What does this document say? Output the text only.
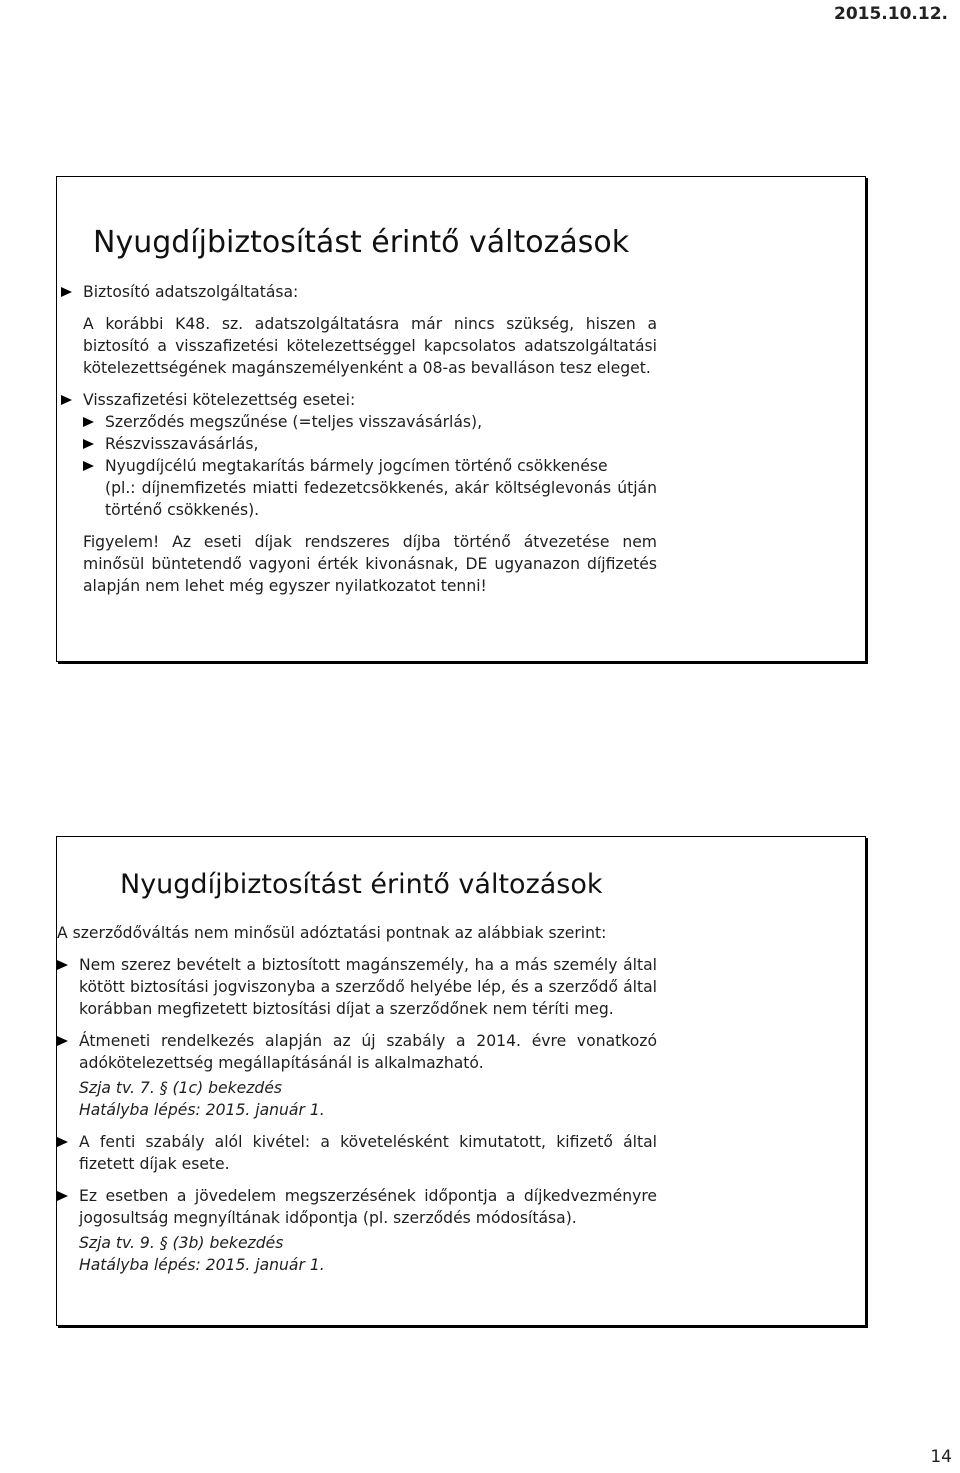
2015.10.12.
Nyugdíjbiztosítást érintő változások
Biztosító adatszolgáltatása:
A korábbi K48. sz. adatszolgáltatásra már nincs szükség, hiszen a biztosító a visszafizetési kötelezettséggel kapcsolatos adatszolgáltatási kötelezettségének magánszemélyenként a 08-as bevalláson tesz eleget.
Visszafizetési kötelezettség esetei:
Szerződés megszűnése (=teljes visszavásárlás),
Részvisszavásárlás,
Nyugdíjcélú megtakarítás bármely jogcímen történő csökkenése
(pl.: díjnemfizetés miatti fedezetcsökkenés, akár költséglevonás útján történő csökkenés).
Figyelem! Az eseti díjak rendszeres díjba történő átvezetése nem minősül büntetendő vagyoni érték kivonásnak, DE ugyanazon díjfizetés alapján nem lehet még egyszer nyilatkozatot tenni!
Nyugdíjbiztosítást érintő változások
A szerződőváltás nem minősül adóztatási pontnak az alábbiak szerint:
Nem szerez bevételt a biztosított magánszemély, ha a más személy által kötött biztosítási jogviszonyba a szerződő helyébe lép, és a szerződő által korábban megfizetett biztosítási díjat a szerződőnek nem téríti meg.
Átmeneti rendelkezés alapján az új szabály a 2014. évre vonatkozó adókötelezettség megállapításánál is alkalmazható.
Szja tv. 7. § (1c) bekezdés
Hatályba lépés: 2015. január 1.
A fenti szabály alól kivétel: a követelésként kimutatott, kifizető által fizetett díjak esete.
Ez esetben a jövedelem megszerzésének időpontja a díjkedvezményre jogosultság megnyíltának időpontja (pl. szerződés módosítása).
Szja tv. 9. § (3b) bekezdés
Hatályba lépés: 2015. január 1.
14
